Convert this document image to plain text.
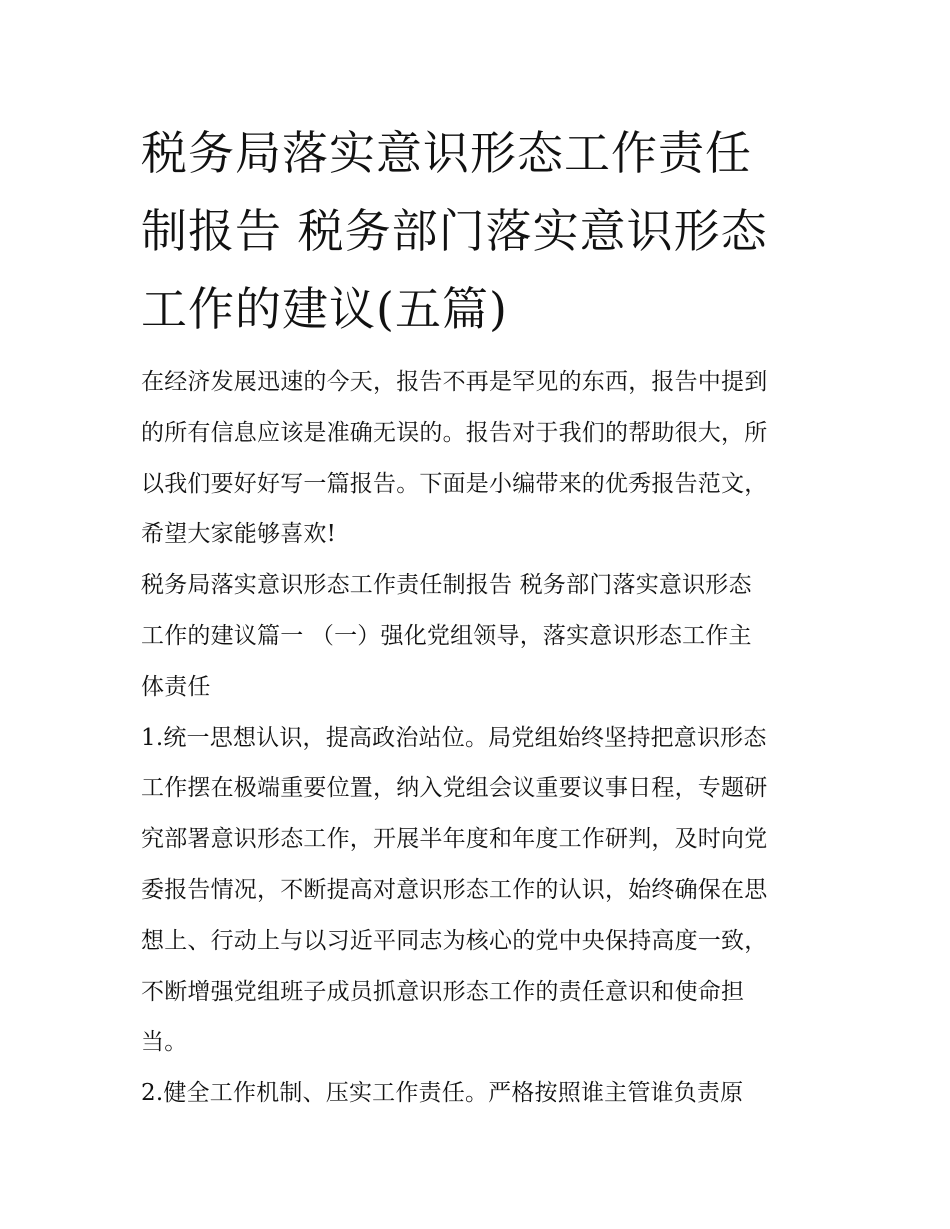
税务局落实意识形态工作责任
制报告 税务部门落实意识形态
工作的建议(五篇)
在经济发展迅速的今天，报告不再是罕见的东西，报告中提到
的所有信息应该是准确无误的。报告对于我们的帮助很大，所
以我们要好好写一篇报告。下面是小编带来的优秀报告范文，
希望大家能够喜欢!
税务局落实意识形态工作责任制报告 税务部门落实意识形态
工作的建议篇一 （一）强化党组领导，落实意识形态工作主
体责任
1.统一思想认识，提高政治站位。局党组始终坚持把意识形态
工作摆在极端重要位置，纳入党组会议重要议事日程，专题研
究部署意识形态工作，开展半年度和年度工作研判，及时向党
委报告情况，不断提高对意识形态工作的认识，始终确保在思
想上、行动上与以习近平同志为核心的党中央保持高度一致，
不断增强党组班子成员抓意识形态工作的责任意识和使命担
当。
2.健全工作机制、压实工作责任。严格按照谁主管谁负责原
